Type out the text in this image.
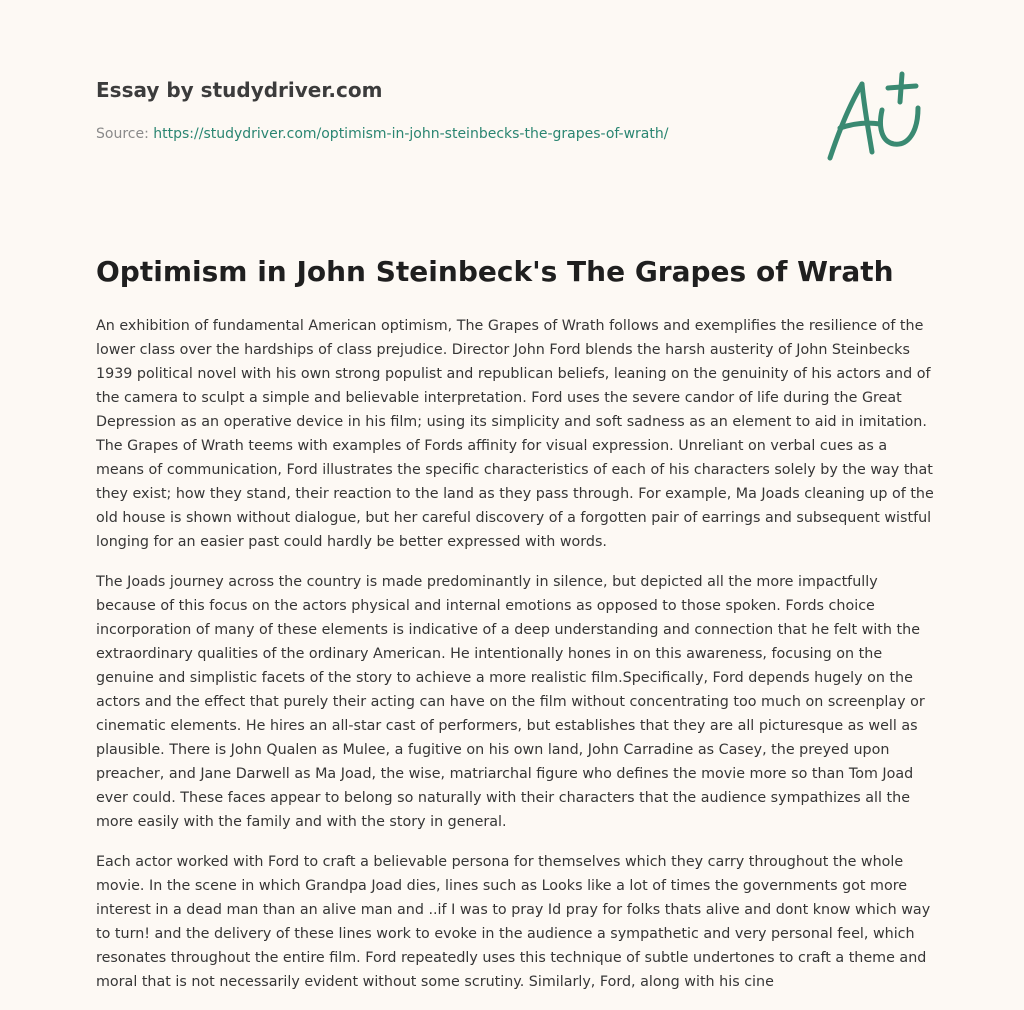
Essay by studydriver.com
Source: https://studydriver.com/optimism-in-john-steinbecks-the-grapes-of-wrath/
Optimism in John Steinbeck's The Grapes of Wrath

An exhibition of fundamental American optimism, The Grapes of Wrath follows and exemplifies the resilience of the lower class over the hardships of class prejudice. Director John Ford blends the harsh austerity of John Steinbecks 1939 political novel with his own strong populist and republican beliefs, leaning on the genuinity of his actors and of the camera to sculpt a simple and believable interpretation. Ford uses the severe candor of life during the Great Depression as an operative device in his film; using its simplicity and soft sadness as an element to aid in imitation. The Grapes of Wrath teems with examples of Fords affinity for visual expression. Unreliant on verbal cues as a means of communication, Ford illustrates the specific characteristics of each of his characters solely by the way that they exist; how they stand, their reaction to the land as they pass through. For example, Ma Joads cleaning up of the old house is shown without dialogue, but her careful discovery of a forgotten pair of earrings and subsequent wistful longing for an easier past could hardly be better expressed with words.

The Joads journey across the country is made predominantly in silence, but depicted all the more impactfully because of this focus on the actors physical and internal emotions as opposed to those spoken. Fords choice incorporation of many of these elements is indicative of a deep understanding and connection that he felt with the extraordinary qualities of the ordinary American. He intentionally hones in on this awareness, focusing on the genuine and simplistic facets of the story to achieve a more realistic film.Specifically, Ford depends hugely on the actors and the effect that purely their acting can have on the film without concentrating too much on screenplay or cinematic elements. He hires an all-star cast of performers, but establishes that they are all picturesque as well as plausible. There is John Qualen as Mulee, a fugitive on his own land, John Carradine as Casey, the preyed upon preacher, and Jane Darwell as Ma Joad, the wise, matriarchal figure who defines the movie more so than Tom Joad ever could. These faces appear to belong so naturally with their characters that the audience sympathizes all the more easily with the family and with the story in general.

Each actor worked with Ford to craft a believable persona for themselves which they carry throughout the whole movie. In the scene in which Grandpa Joad dies, lines such as Looks like a lot of times the governments got more interest in a dead man than an alive man and ..if I was to pray Id pray for folks thats alive and dont know which way to turn! and the delivery of these lines work to evoke in the audience a sympathetic and very personal feel, which resonates throughout the entire film. Ford repeatedly uses this technique of subtle undertones to craft a theme and moral that is not necessarily evident without some scrutiny. Similarly, Ford, along with his cine
